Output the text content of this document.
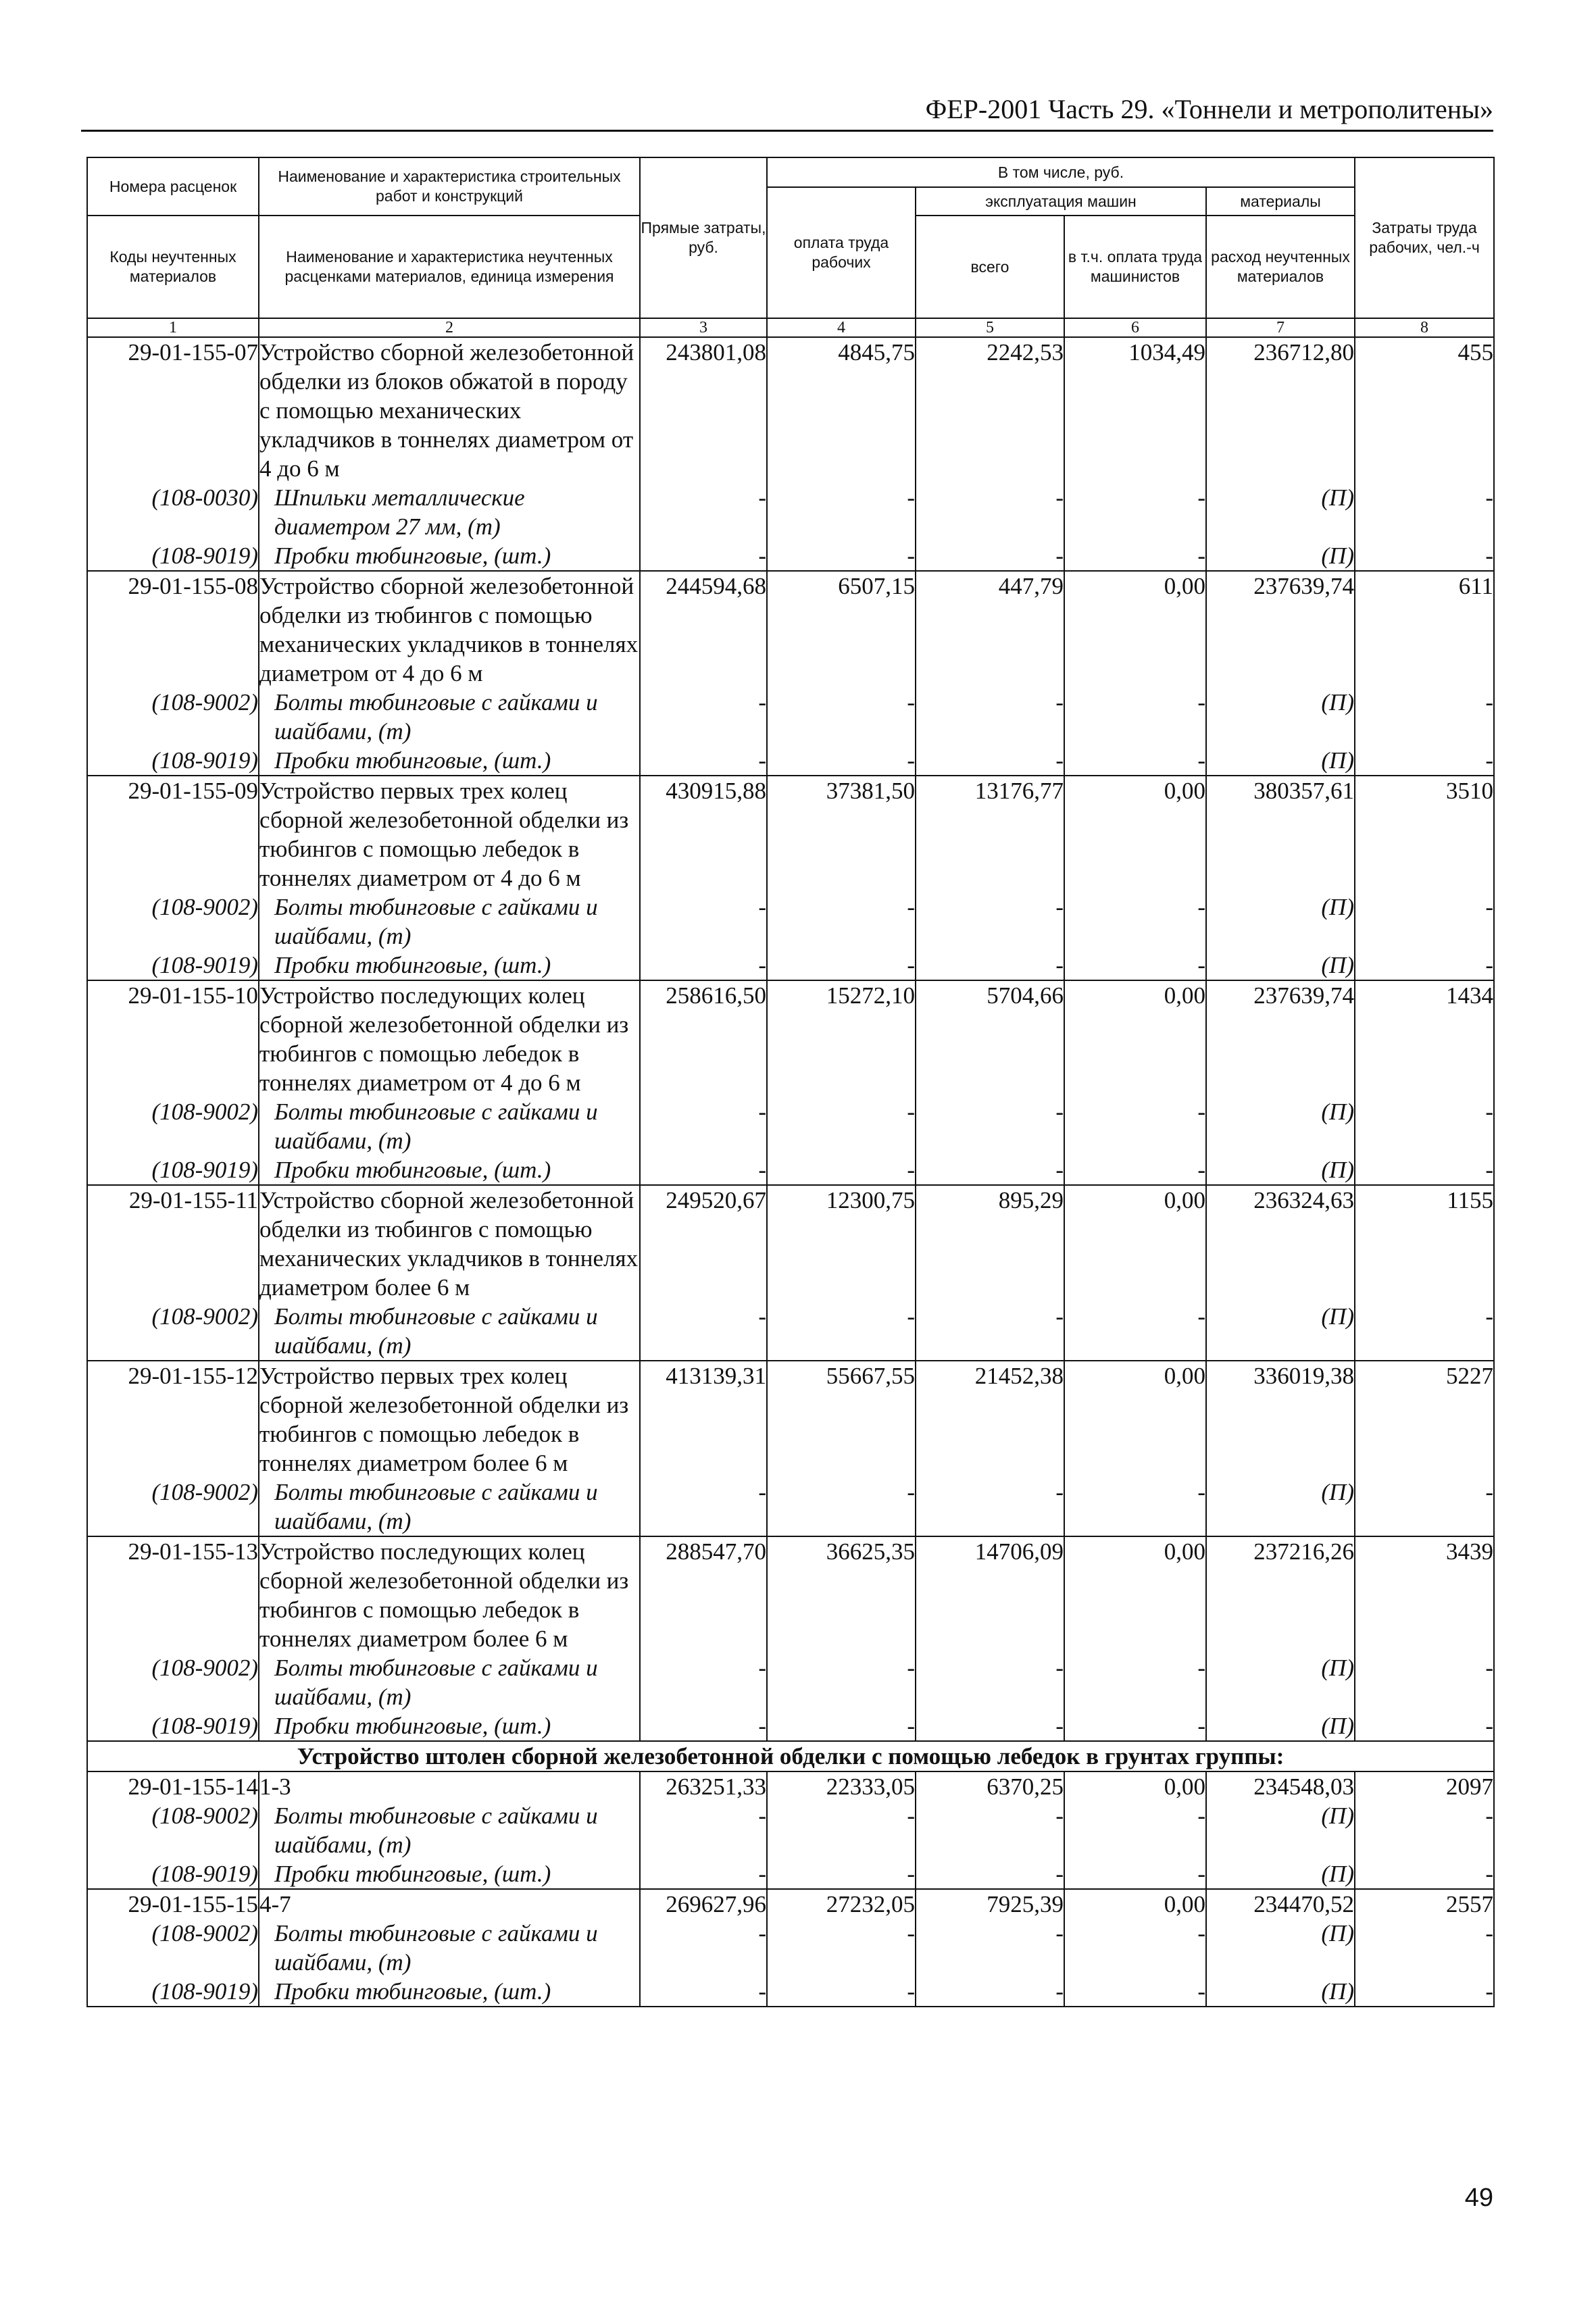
ФЕР-2001 Часть 29. «Тоннели и метрополитены»
Номера расценок	Наименование и характеристика строительных работ и конструкций	Прямые затраты, руб.	В том числе, руб.				Затраты труда рабочих, чел.-ч
			оплата труда рабочих	эксплуатация машин		материалы	
Коды неучтенных материалов	Наименование и характеристика неучтенных расценками материалов, единица измерения			всего	в т.ч. оплата труда машинистов	расход неучтенных материалов	
1	2	3	4	5	6	7	8
29-01-155-07	Устройство сборной железобетонной обделки из блоков обжатой в породу с помощью механических укладчиков в тоннелях диаметром от 4 до 6 м	243801,08	4845,75	2242,53	1034,49	236712,80	455
(108-0030)	Шпильки металлические диаметром 27 мм, (т)	-	-	-	-	(П)	-
(108-9019)	Пробки тюбинговые, (шт.)	-	-	-	-	(П)	-
29-01-155-08	Устройство сборной железобетонной обделки из тюбингов с помощью механических укладчиков в тоннелях диаметром от 4 до 6 м	244594,68	6507,15	447,79	0,00	237639,74	611
(108-9002)	Болты тюбинговые с гайками и шайбами, (т)	-	-	-	-	(П)	-
(108-9019)	Пробки тюбинговые, (шт.)	-	-	-	-	(П)	-
29-01-155-09	Устройство первых трех колец сборной железобетонной обделки из тюбингов с помощью лебедок в тоннелях диаметром от 4 до 6 м	430915,88	37381,50	13176,77	0,00	380357,61	3510
(108-9002)	Болты тюбинговые с гайками и шайбами, (т)	-	-	-	-	(П)	-
(108-9019)	Пробки тюбинговые, (шт.)	-	-	-	-	(П)	-
29-01-155-10	Устройство последующих колец сборной железобетонной обделки из тюбингов с помощью лебедок в тоннелях диаметром от 4 до 6 м	258616,50	15272,10	5704,66	0,00	237639,74	1434
(108-9002)	Болты тюбинговые с гайками и шайбами, (т)	-	-	-	-	(П)	-
(108-9019)	Пробки тюбинговые, (шт.)	-	-	-	-	(П)	-
29-01-155-11	Устройство сборной железобетонной обделки из тюбингов с помощью механических укладчиков в тоннелях диаметром более 6 м	249520,67	12300,75	895,29	0,00	236324,63	1155
(108-9002)	Болты тюбинговые с гайками и шайбами, (т)	-	-	-	-	(П)	-
29-01-155-12	Устройство первых трех колец сборной железобетонной обделки из тюбингов с помощью лебедок в тоннелях диаметром более 6 м	413139,31	55667,55	21452,38	0,00	336019,38	5227
(108-9002)	Болты тюбинговые с гайками и шайбами, (т)	-	-	-	-	(П)	-
29-01-155-13	Устройство последующих колец сборной железобетонной обделки из тюбингов с помощью лебедок в тоннелях диаметром более 6 м	288547,70	36625,35	14706,09	0,00	237216,26	3439
(108-9002)	Болты тюбинговые с гайками и шайбами, (т)	-	-	-	-	(П)	-
(108-9019)	Пробки тюбинговые, (шт.)	-	-	-	-	(П)	-
Устройство штолен сборной железобетонной обделки с помощью лебедок в грунтах группы:							
29-01-155-14	1-3	263251,33	22333,05	6370,25	0,00	234548,03	2097
(108-9002)	Болты тюбинговые с гайками и шайбами, (т)	-	-	-	-	(П)	-
(108-9019)	Пробки тюбинговые, (шт.)	-	-	-	-	(П)	-
29-01-155-15	4-7	269627,96	27232,05	7925,39	0,00	234470,52	2557
(108-9002)	Болты тюбинговые с гайками и шайбами, (т)	-	-	-	-	(П)	-
(108-9019)	Пробки тюбинговые, (шт.)	-	-	-	-	(П)	-
49
